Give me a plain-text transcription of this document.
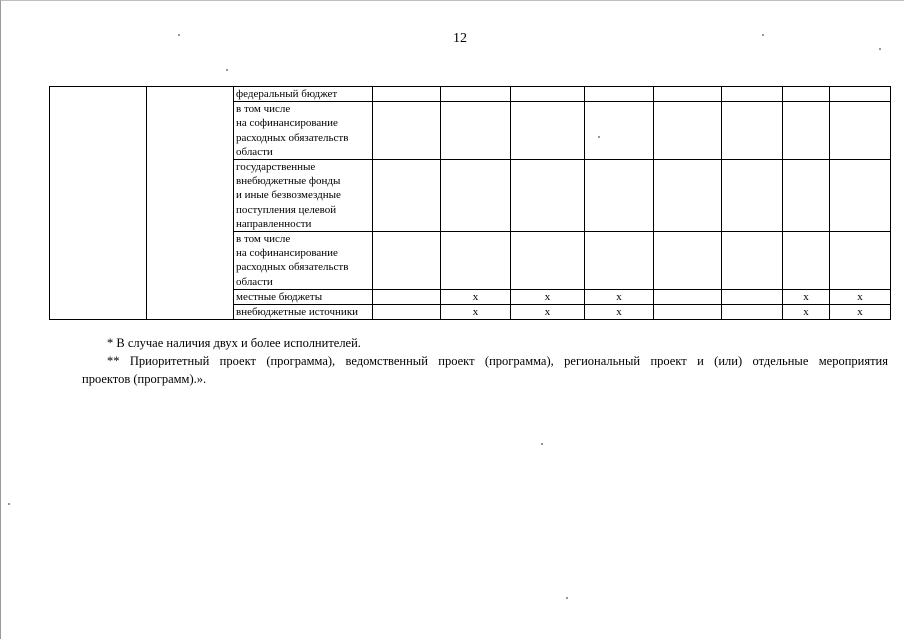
12
		федеральный бюджет								
		в том числе
на софинансирование
расходных обязательств
области								
		государственные
внебюджетные фонды
и иные безвозмездные
поступления целевой
направленности								
		в том числе
на софинансирование
расходных обязательств
области								
		местные бюджеты		x	x	x			x	x
		внебюджетные источники		x	x	x			x	x
* В случае наличия двух и более исполнителей.
** Приоритетный проект (программа), ведомственный проект (программа), региональный проект и (или) отдельные мероприятия
проектов (программ).».
